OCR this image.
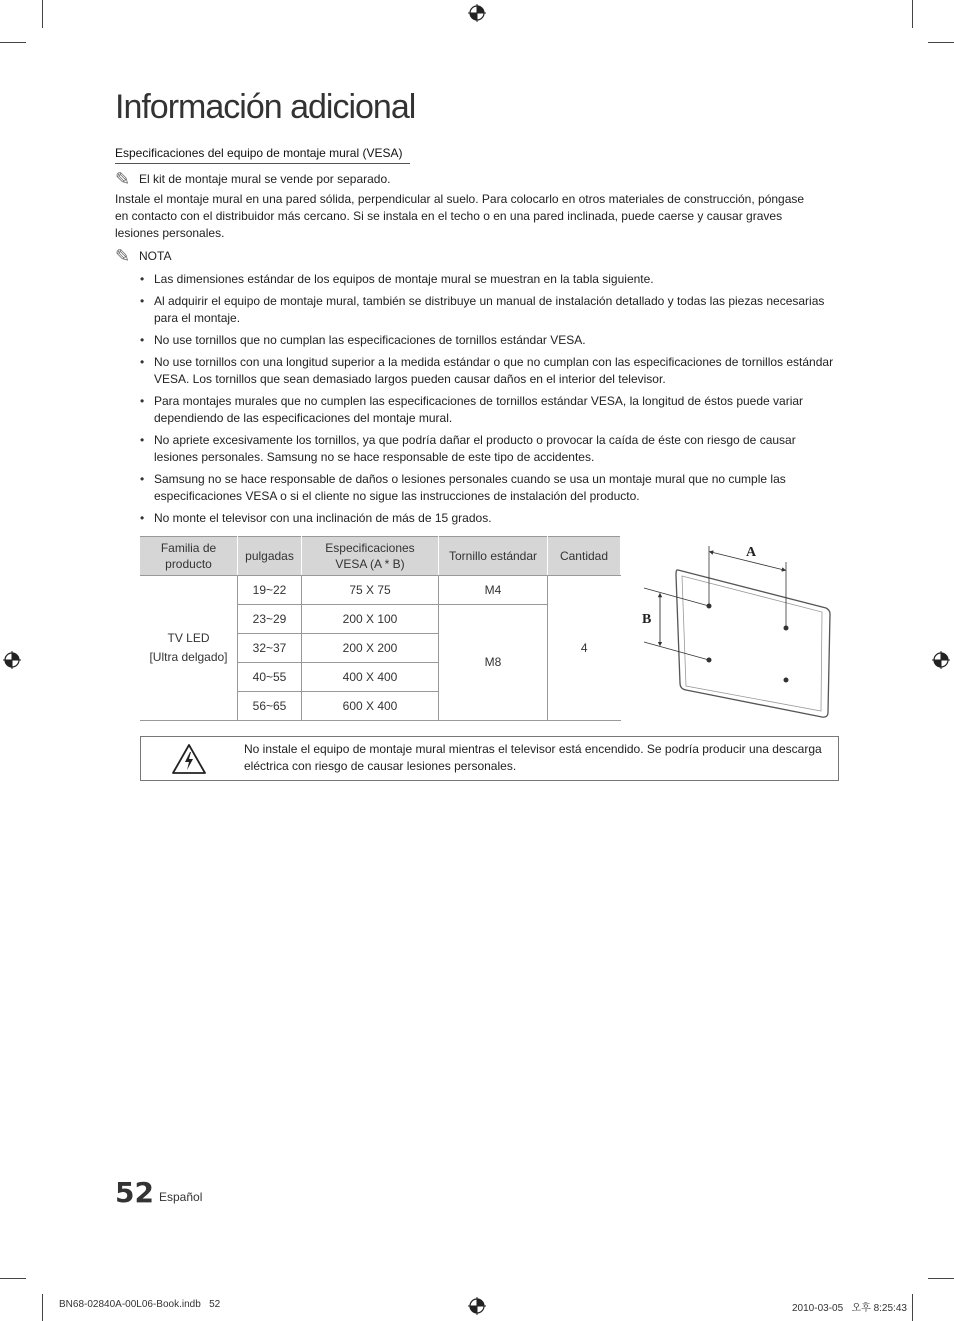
Información adicional
Especificaciones del equipo de montaje mural (VESA)
✎ El kit de montaje mural se vende por separado.

Instale el montaje mural en una pared sólida, perpendicular al suelo. Para colocarlo en otros materiales de construcción, póngase en contacto con el distribuidor más cercano. Si se instala en el techo o en una pared inclinada, puede caerse y causar graves lesiones personales.

✎ NOTA
• Las dimensiones estándar de los equipos de montaje mural se muestran en la tabla siguiente.
• Al adquirir el equipo de montaje mural, también se distribuye un manual de instalación detallado y todas las piezas necesarias para el montaje.
• No use tornillos que no cumplan las especificaciones de tornillos estándar VESA.
• No use tornillos con una longitud superior a la medida estándar o que no cumplan con las especificaciones de tornillos estándar VESA. Los tornillos que sean demasiado largos pueden causar daños en el interior del televisor.
• Para montajes murales que no cumplen las especificaciones de tornillos estándar VESA, la longitud de éstos puede variar dependiendo de las especificaciones del montaje mural.
• No apriete excesivamente los tornillos, ya que podría dañar el producto o provocar la caída de éste con riesgo de causar lesiones personales. Samsung no se hace responsable de este tipo de accidentes.
• Samsung no se hace responsable de daños o lesiones personales cuando se usa un montaje mural que no cumple las especificaciones VESA o si el cliente no sigue las instrucciones de instalación del producto.
• No monte el televisor con una inclinación de más de 15 grados.
Familia de producto	pulgadas	Especificaciones VESA (A * B)	Tornillo estándar	Cantidad
TV LED
[Ultra delgado]	19~22	75 X 75	M4	4
	23~29	200 X 100	M8	
	32~37	200 X 200		
	40~55	400 X 400		
	56~65	600 X 400		
A
B
No instale el equipo de montaje mural mientras el televisor está encendido. Se podría producir una descarga eléctrica con riesgo de causar lesiones personales.
52 Español
BN68-02840A-00L06-Book.indb   52	2010-03-05   오후 8:25:43
